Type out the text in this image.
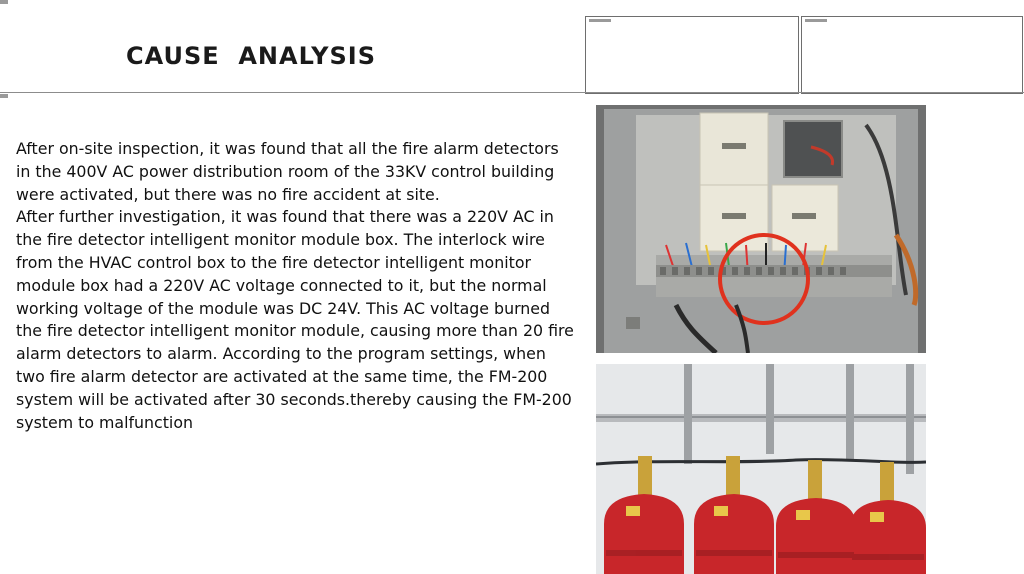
CAUSE  ANALYSIS

After on-site inspection, it was found that all the fire alarm detectors in the 400V AC power distribution room of the 33KV control building were activated, but there was no fire accident at site.

After further investigation, it was found that there was a 220V AC in the fire detector intelligent monitor module box. The interlock wire from the HVAC control box to the fire detector intelligent monitor module box had a 220V AC voltage connected to it, but the normal working voltage of the module was DC 24V. This AC voltage burned the fire detector intelligent monitor module, causing more than 20 fire alarm detectors to alarm. According to the program settings, when two fire alarm detector are activated at the same time, the FM-200 system will be activated after 30 seconds.thereby causing the FM-200 system to malfunction
